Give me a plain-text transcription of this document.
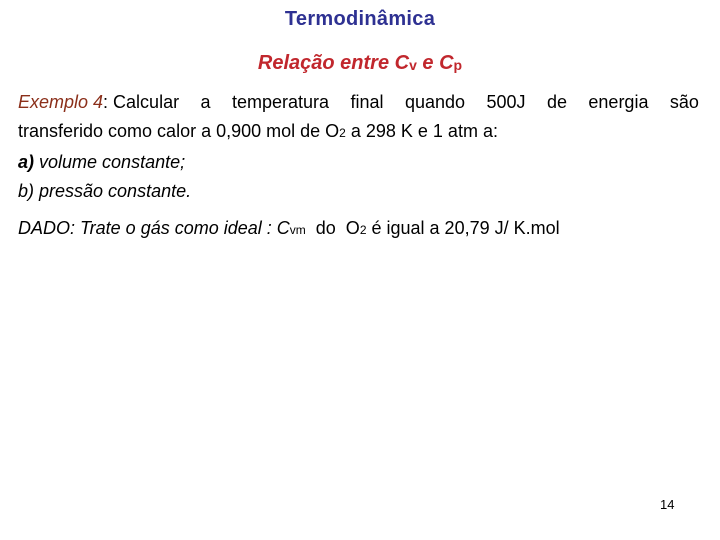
Termodinâmica
Relação entre Cv e Cp
Exemplo 4: Calcular a temperatura final quando 500J de energia são
transferido como calor a 0,900 mol de O2 a 298 K e 1 atm a:
a) volume constante;
b) pressão constante.
DADO: Trate o gás como ideal : Cvm  do  O2 é igual a 20,79 J/ K.mol
14
